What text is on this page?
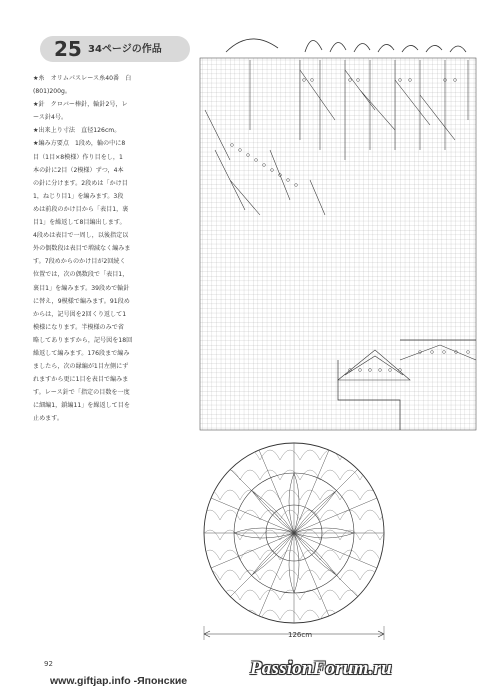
25 34ページの作品
★糸　オリムパスレース糸40番　白
(801)200g。
★針　クロバー棒針，輪針2号，レ
ース針4号。
★出来上り寸法　直径126cm。
★編み方要点　1段め，輪の中に8
目（1目×8模様）作り目をし，1
本の針に2目（2模様）ずつ，4本
の針に分けます。2段めは「かけ目
1，ねじり目1」を編みます。3段
めは前段のかけ目から「表目1，裏
目1」を繰返して8目編出します。
4段めは表目で一周し，以後指定以
外の偶数段は表目で増減なく編みま
す。7段めからのかけ目が2回続く
位置では，次の偶数段で「表目1，
裏目1」を編みます。39段めで輪針
に替え，9模様で編みます。91段め
からは，記号図を2回くり返して1
模様になります。半模様のみで省
略してありますから，記号図を18回
繰返して編みます。176段まで編み
ましたら，次の縁編が1目左側にず
れますから更に1目を表目で編みま
す。レース針で「指定の目数を一度
に細編1，鎖編11」を繰返して目を
止めます。
126cm
92
www.giftjap.info -Японские
PassionForum.ru
